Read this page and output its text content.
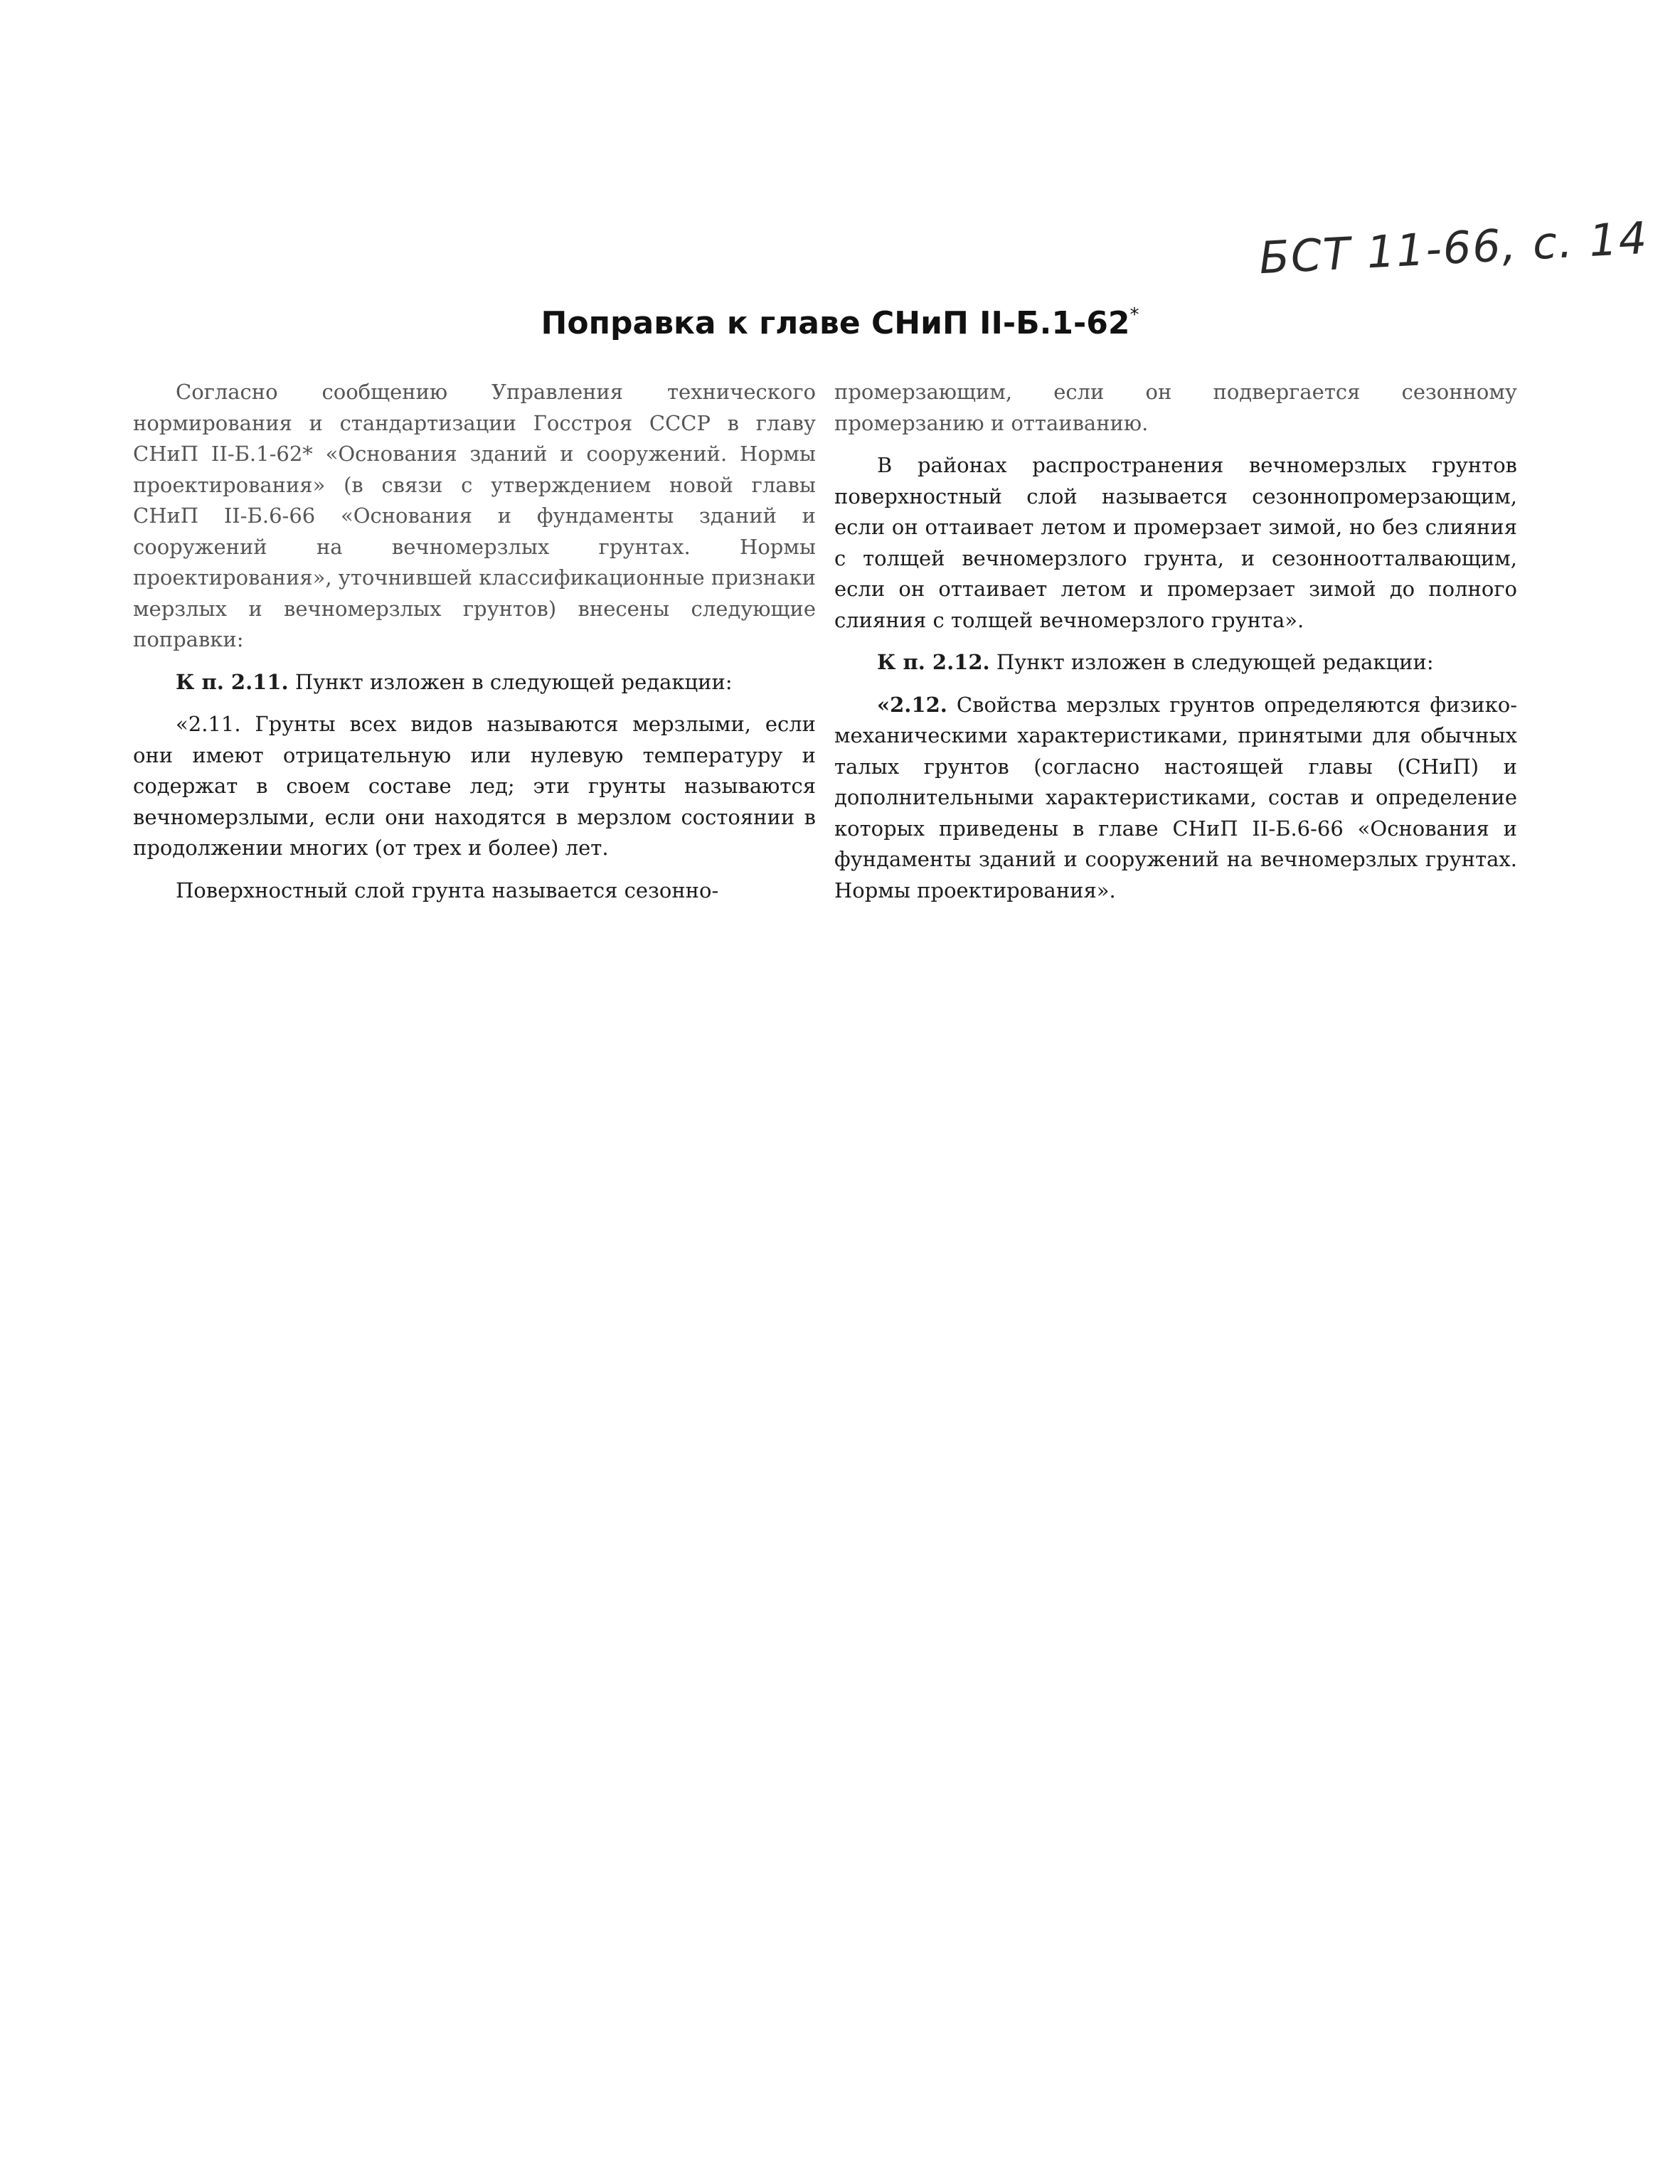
БСТ 11-66, с. 14
Поправка к главе СНиП II-Б.1-62*

Согласно сообщению Управления технического нормирования и стандартизации Госстроя СССР в главу СНиП II-Б.1-62* «Основания зданий и сооружений. Нормы проектирования» (в связи с утверждением новой главы СНиП II-Б.6-66 «Основания и фундаменты зданий и сооружений на вечномерзлых грунтах. Нормы проектирования», уточнившей классификационные признаки мерзлых и вечномерзлых грунтов) внесены следующие поправки:

К п. 2.11. Пункт изложен в следующей редакции:

«2.11. Грунты всех видов называются мерзлыми, если они имеют отрицательную или нулевую температуру и содержат в своем составе лед; эти грунты называются вечномерзлыми, если они находятся в мерзлом состоянии в продолжении многих (от трех и более) лет.

Поверхностный слой грунта называется сезонно-

промерзающим, если он подвергается сезонному промерзанию и оттаиванию.

В районах распространения вечномерзлых грунтов поверхностный слой называется сезоннопромерзающим, если он оттаивает летом и промерзает зимой, но без слияния с толщей вечномерзлого грунта, и сезонноотталвающим, если он оттаивает летом и промерзает зимой до полного слияния с толщей вечномерзлого грунта».

К п. 2.12. Пункт изложен в следующей редакции:

«2.12. Свойства мерзлых грунтов определяются физико-механическими характеристиками, принятыми для обычных талых грунтов (согласно настоящей главы (СНиП) и дополнительными характеристиками, состав и определение которых приведены в главе СНиП II-Б.6-66 «Основания и фундаменты зданий и сооружений на вечномерзлых грунтах. Нормы проектирования».
